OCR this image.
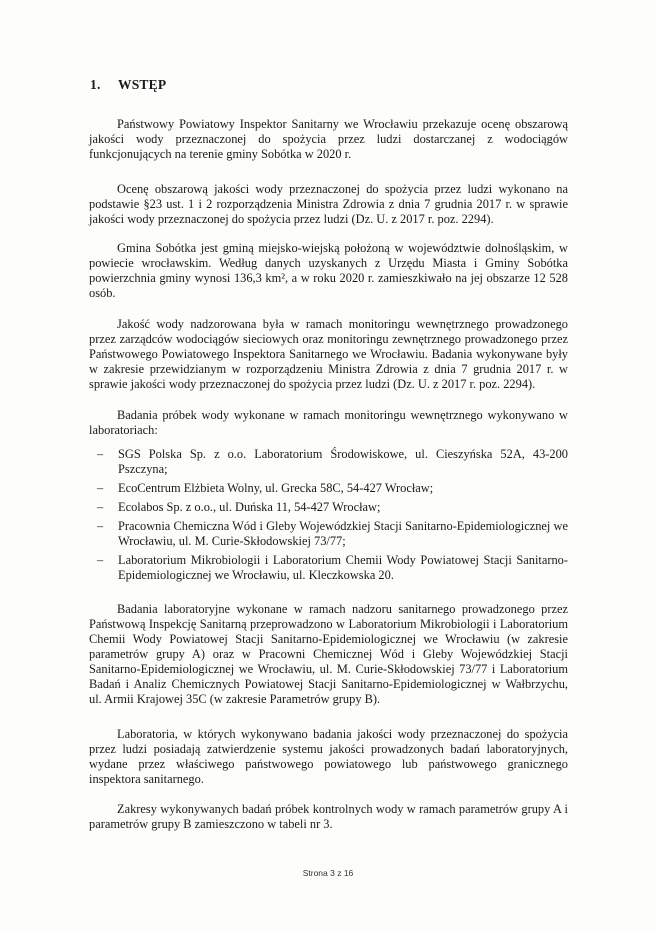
1. WSTĘP

Państwowy Powiatowy Inspektor Sanitarny we Wrocławiu przekazuje ocenę obszarową jakości wody przeznaczonej do spożycia przez ludzi dostarczanej z wodociągów funkcjonujących na terenie gminy Sobótka w 2020 r.

Ocenę obszarową jakości wody przeznaczonej do spożycia przez ludzi wykonano na podstawie §23 ust. 1 i 2 rozporządzenia Ministra Zdrowia z dnia 7 grudnia 2017 r. w sprawie jakości wody przeznaczonej do spożycia przez ludzi (Dz. U. z 2017 r. poz. 2294).

Gmina Sobótka jest gminą miejsko-wiejską położoną w województwie dolnośląskim, w powiecie wrocławskim. Według danych uzyskanych z Urzędu Miasta i Gminy Sobótka powierzchnia gminy wynosi 136,3 km², a w roku 2020 r. zamieszkiwało na jej obszarze 12 528 osób.

Jakość wody nadzorowana była w ramach monitoringu wewnętrznego prowadzonego przez zarządców wodociągów sieciowych oraz monitoringu zewnętrznego prowadzonego przez Państwowego Powiatowego Inspektora Sanitarnego we Wrocławiu. Badania wykonywane były w zakresie przewidzianym w rozporządzeniu Ministra Zdrowia z dnia 7 grudnia 2017 r. w sprawie jakości wody przeznaczonej do spożycia przez ludzi (Dz. U. z 2017 r. poz. 2294).

Badania próbek wody wykonane w ramach monitoringu wewnętrznego wykonywano w laboratoriach:

– SGS Polska Sp. z o.o. Laboratorium Środowiskowe, ul. Cieszyńska 52A, 43-200 Pszczyna;
– EcoCentrum Elżbieta Wolny, ul. Grecka 58C, 54-427 Wrocław;
– Ecolabos Sp. z o.o., ul. Duńska 11, 54-427 Wrocław;
– Pracownia Chemiczna Wód i Gleby Wojewódzkiej Stacji Sanitarno-Epidemiologicznej we Wrocławiu, ul. M. Curie-Skłodowskiej 73/77;
– Laboratorium Mikrobiologii i Laboratorium Chemii Wody Powiatowej Stacji Sanitarno-Epidemiologicznej we Wrocławiu, ul. Kleczkowska 20.

Badania laboratoryjne wykonane w ramach nadzoru sanitarnego prowadzonego przez Państwową Inspekcję Sanitarną przeprowadzono w Laboratorium Mikrobiologii i Laboratorium Chemii Wody Powiatowej Stacji Sanitarno-Epidemiologicznej we Wrocławiu (w zakresie parametrów grupy A) oraz w Pracowni Chemicznej Wód i Gleby Wojewódzkiej Stacji Sanitarno-Epidemiologicznej we Wrocławiu, ul. M. Curie-Skłodowskiej 73/77 i Laboratorium Badań i Analiz Chemicznych Powiatowej Stacji Sanitarno-Epidemiologicznej w Wałbrzychu, ul. Armii Krajowej 35C (w zakresie Parametrów grupy B).

Laboratoria, w których wykonywano badania jakości wody przeznaczonej do spożycia przez ludzi posiadają zatwierdzenie systemu jakości prowadzonych badań laboratoryjnych, wydane przez właściwego państwowego powiatowego lub państwowego granicznego inspektora sanitarnego.

Zakresy wykonywanych badań próbek kontrolnych wody w ramach parametrów grupy A i parametrów grupy B zamieszczono w tabeli nr 3.

Strona 3 z 16
